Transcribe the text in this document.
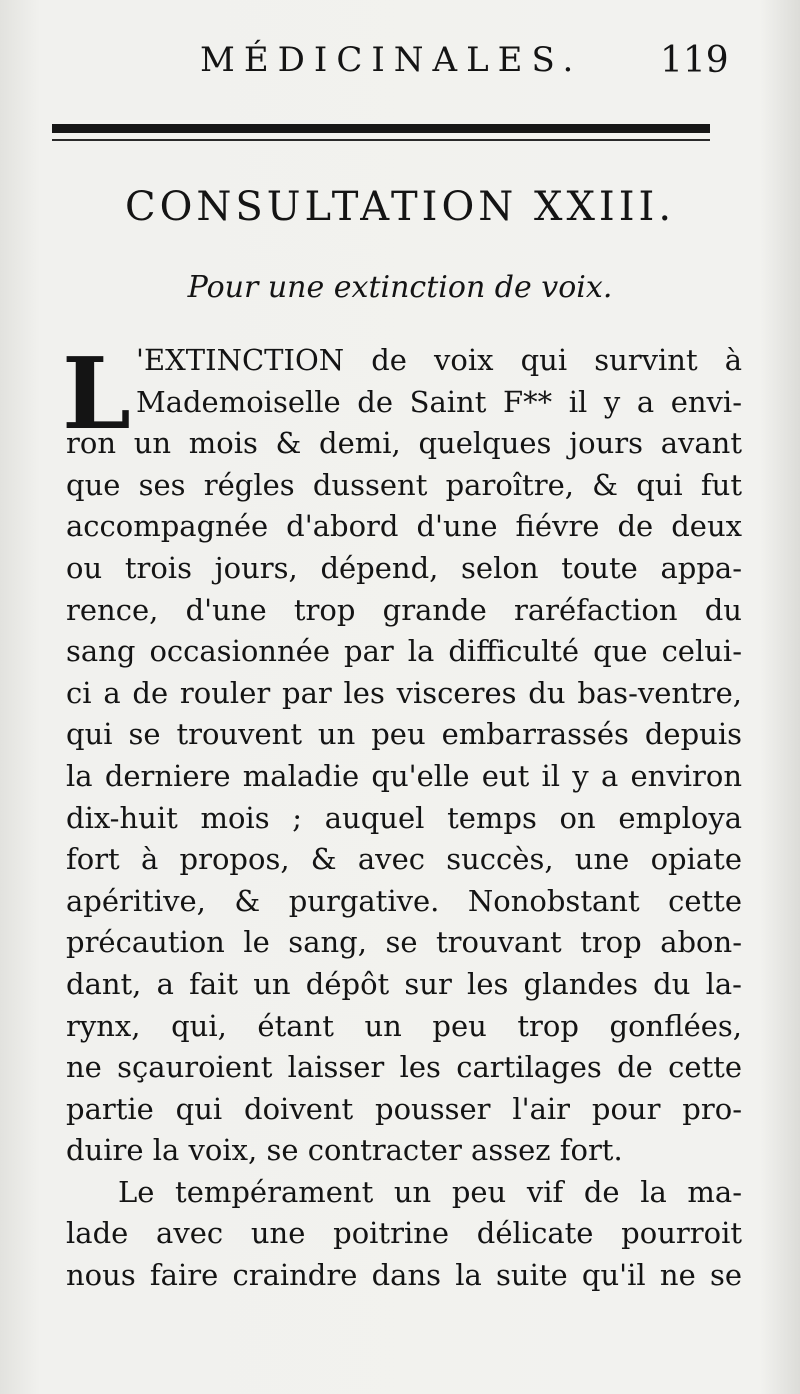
MÉDICINALES. 119
CONSULTATION XXIII.
Pour une extinction de voix.
L 'EXTINCTION de voix qui survint à
Mademoiselle de Saint F** il y a envi-
ron un mois & demi, quelques jours avant
que ses régles dussent paroître, & qui fut
accompagnée d'abord d'une fiévre de deux
ou trois jours, dépend, selon toute appa-
rence, d'une trop grande raréfaction du
sang occasionnée par la difficulté que celui-
ci a de rouler par les visceres du bas-ventre,
qui se trouvent un peu embarrassés depuis
la derniere maladie qu'elle eut il y a environ
dix-huit mois ; auquel temps on employa
fort à propos, & avec succès, une opiate
apéritive, & purgative. Nonobstant cette
précaution le sang, se trouvant trop abon-
dant, a fait un dépôt sur les glandes du la-
rynx, qui, étant un peu trop gonflées,
ne sçauroient laisser les cartilages de cette
partie qui doivent pousser l'air pour pro-
duire la voix, se contracter assez fort.
Le tempérament un peu vif de la ma-
lade avec une poitrine délicate pourroit
nous faire craindre dans la suite qu'il ne se
